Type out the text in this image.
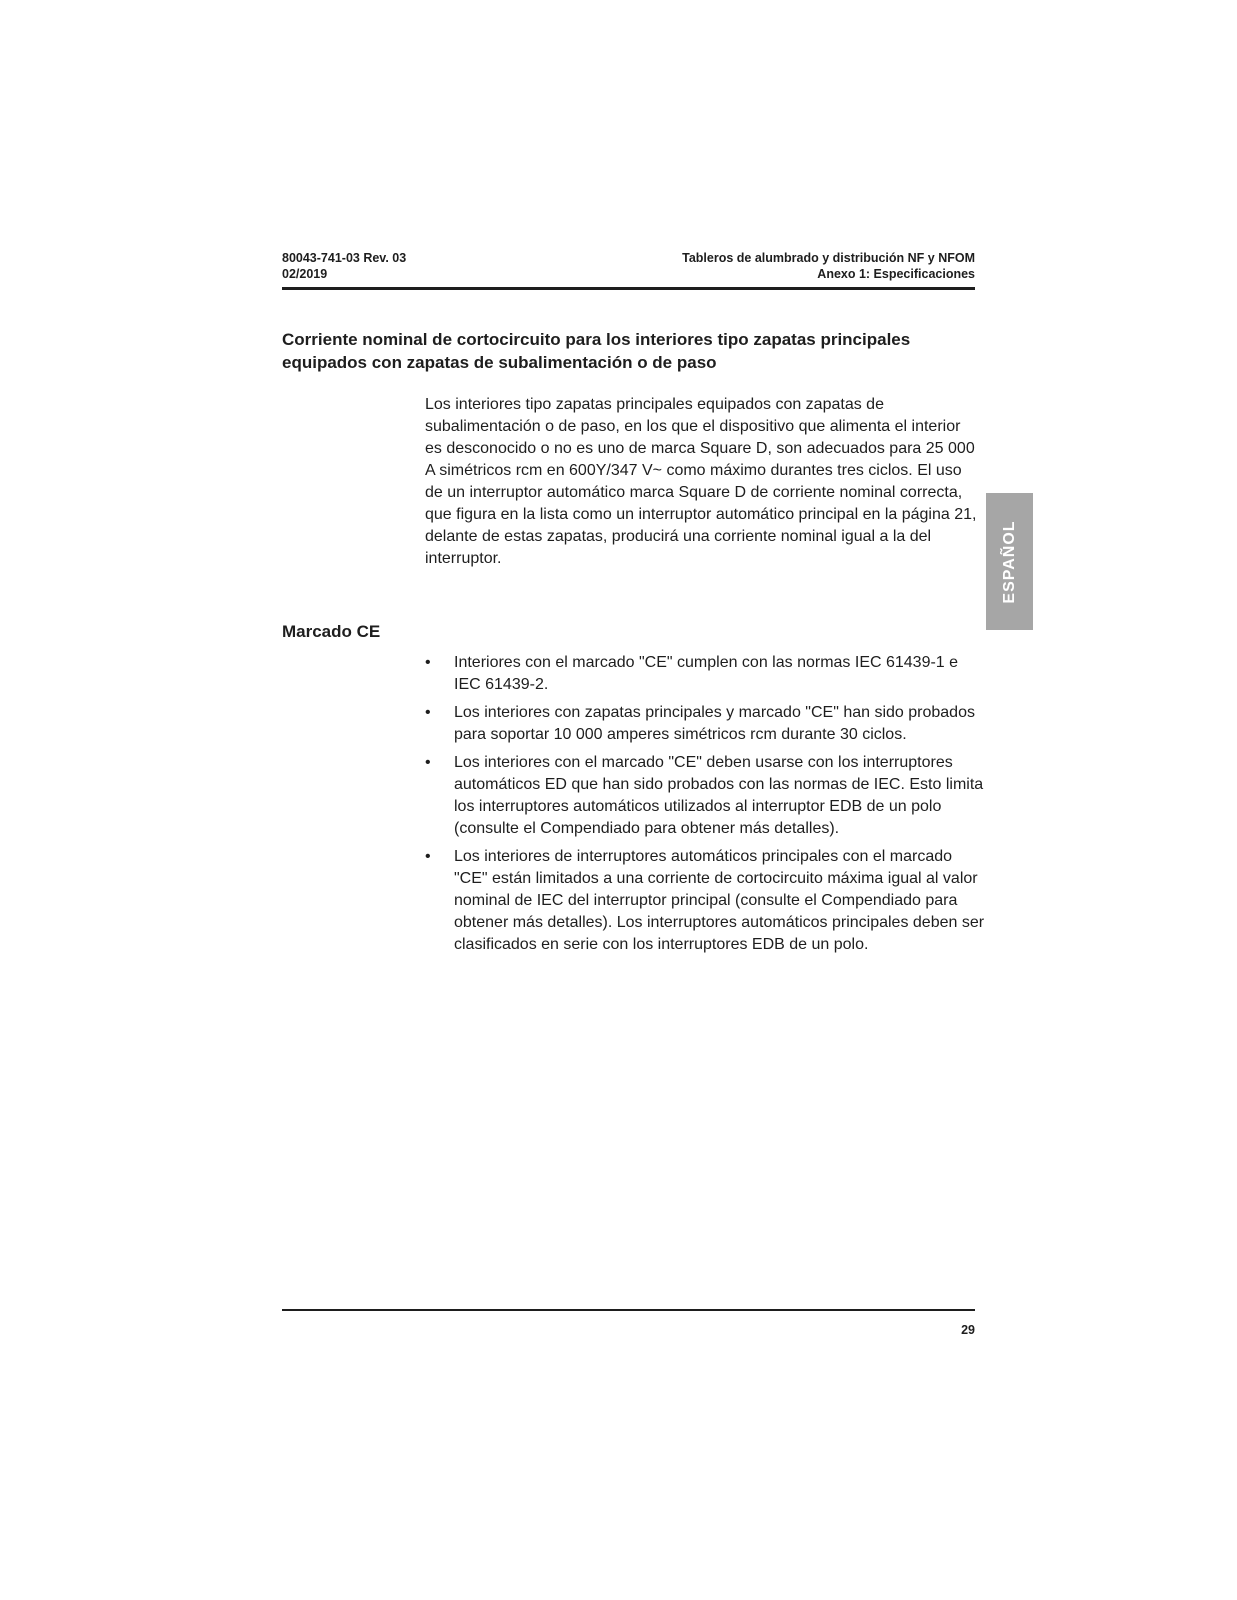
80043-741-03 Rev. 03
02/2019
Tableros de alumbrado y distribución NF y NFOM
Anexo 1: Especificaciones
Corriente nominal de cortocircuito para los interiores tipo zapatas principales
equipados con zapatas de subalimentación o de paso

Los interiores tipo zapatas principales equipados con zapatas de subalimentación o de paso, en los que el dispositivo que alimenta el interior es desconocido o no es uno de marca Square D, son adecuados para 25 000 A simétricos rcm en 600Y/347 V~ como máximo durantes tres ciclos. El uso de un interruptor automático marca Square D de corriente nominal correcta, que figura en la lista como un interruptor automático principal en la página 21, delante de estas zapatas, producirá una corriente nominal igual a la del interruptor.

Marcado CE
• Interiores con el marcado "CE" cumplen con las normas IEC 61439-1 e IEC 61439-2.
• Los interiores con zapatas principales y marcado "CE" han sido probados para soportar 10 000 amperes simétricos rcm durante 30 ciclos.
• Los interiores con el marcado "CE" deben usarse con los interruptores automáticos ED que han sido probados con las normas de IEC. Esto limita los interruptores automáticos utilizados al interruptor EDB de un polo (consulte el Compendiado para obtener más detalles).
• Los interiores de interruptores automáticos principales con el marcado "CE" están limitados a una corriente de cortocircuito máxima igual al valor nominal de IEC del interruptor principal (consulte el Compendiado para obtener más detalles). Los interruptores automáticos principales deben ser clasificados en serie con los interruptores EDB de un polo.
ESPAÑOL
29
